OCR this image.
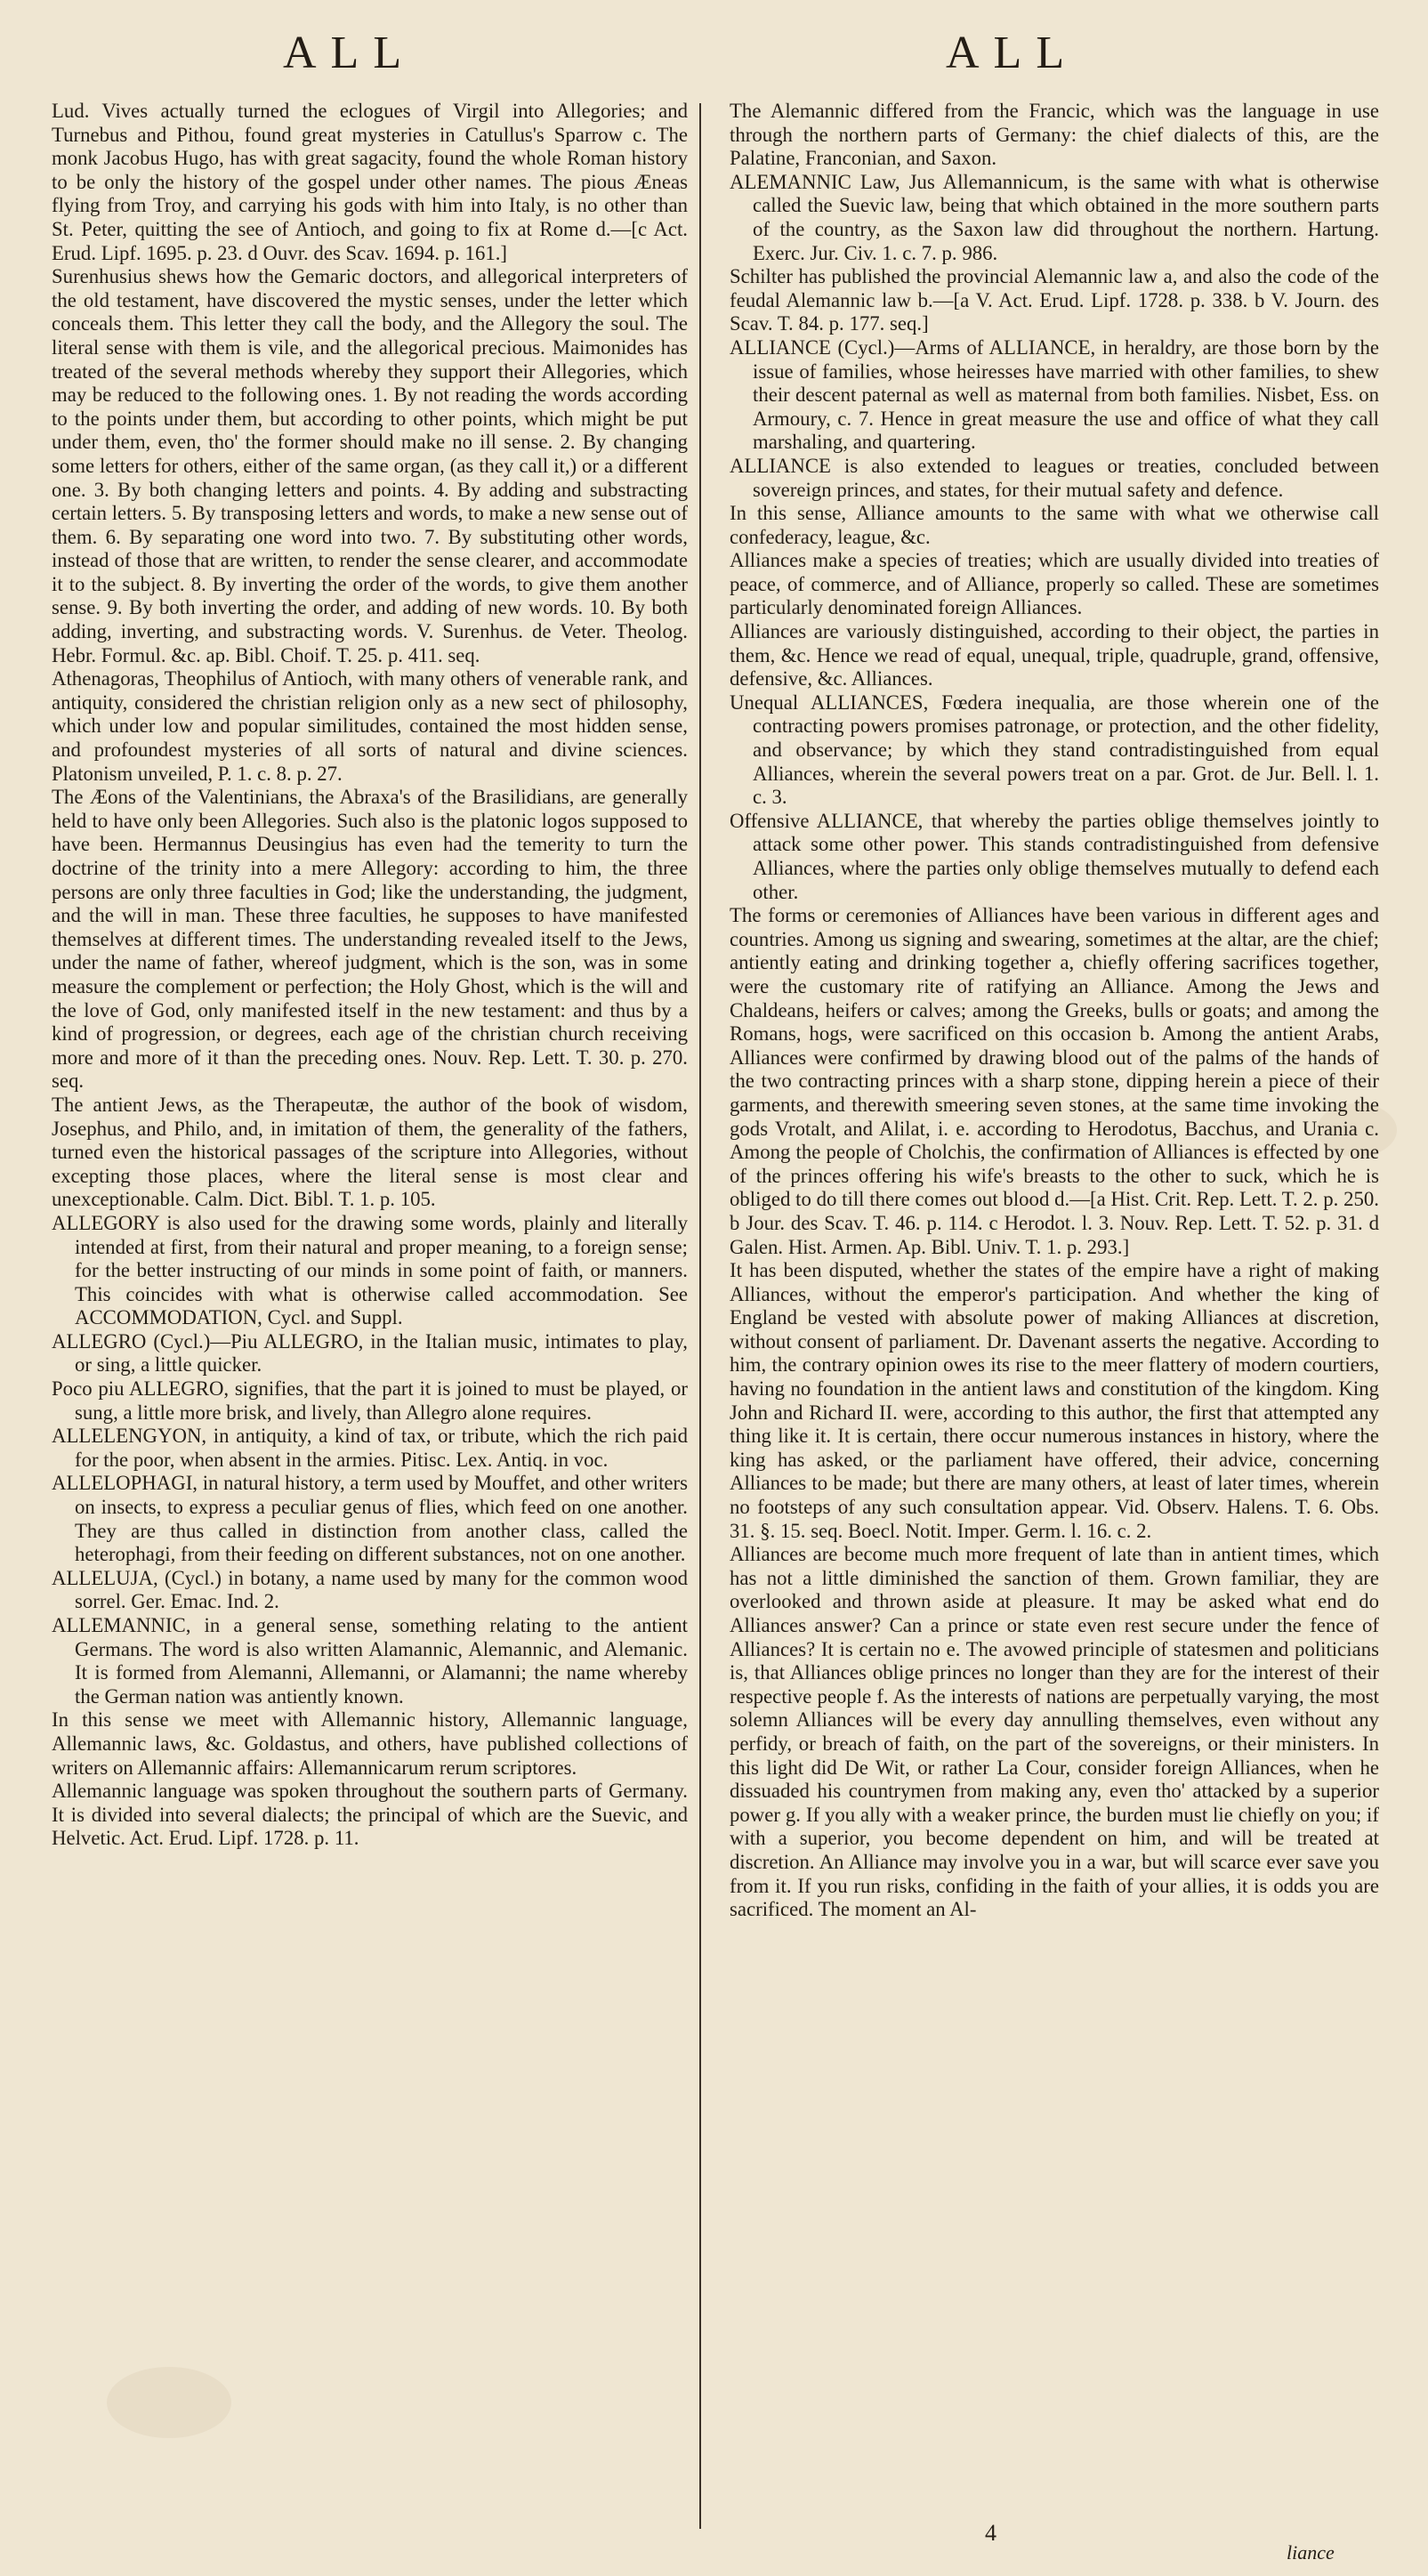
ALL	ALL

Lud. Vives actually turned the eclogues of Virgil into Allegories; and Turnebus and Pithou, found great mysteries in Catullus's Sparrow c. The monk Jacobus Hugo, has with great sagacity, found the whole Roman history to be only the history of the gospel under other names. The pious Æneas flying from Troy, and carrying his gods with him into Italy, is no other than St. Peter, quitting the see of Antioch, and going to fix at Rome d.—[c Act. Erud. Lipf. 1695. p. 23. d Ouvr. des Scav. 1694. p. 161.]

Surenhusius shews how the Gemaric doctors, and allegorical interpreters of the old testament, have discovered the mystic senses, under the letter which conceals them. This letter they call the body, and the Allegory the soul. The literal sense with them is vile, and the allegorical precious. Maimonides has treated of the several methods whereby they support their Allegories, which may be reduced to the following ones. 1. By not reading the words according to the points under them, but according to other points, which might be put under them, even, tho' the former should make no ill sense. 2. By changing some letters for others, either of the same organ, (as they call it,) or a different one. 3. By both changing letters and points. 4. By adding and substracting certain letters. 5. By transposing letters and words, to make a new sense out of them. 6. By separating one word into two. 7. By substituting other words, instead of those that are written, to render the sense clearer, and accommodate it to the subject. 8. By inverting the order of the words, to give them another sense. 9. By both inverting the order, and adding of new words. 10. By both adding, inverting, and substracting words. V. Surenhus. de Veter. Theolog. Hebr. Formul. &c. ap. Bibl. Choif. T. 25. p. 411. seq.

Athenagoras, Theophilus of Antioch, with many others of venerable rank, and antiquity, considered the christian religion only as a new sect of philosophy, which under low and popular similitudes, contained the most hidden sense, and profoundest mysteries of all sorts of natural and divine sciences. Platonism unveiled, P. 1. c. 8. p. 27.

The Æons of the Valentinians, the Abraxa's of the Brasilidians, are generally held to have only been Allegories. Such also is the platonic logos supposed to have been. Hermannus Deusingius has even had the temerity to turn the doctrine of the trinity into a mere Allegory: according to him, the three persons are only three faculties in God; like the understanding, the judgment, and the will in man. These three faculties, he supposes to have manifested themselves at different times. The understanding revealed itself to the Jews, under the name of father, whereof judgment, which is the son, was in some measure the complement or perfection; the Holy Ghost, which is the will and the love of God, only manifested itself in the new testament: and thus by a kind of progression, or degrees, each age of the christian church receiving more and more of it than the preceding ones. Nouv. Rep. Lett. T. 30. p. 270. seq.

The antient Jews, as the Therapeutæ, the author of the book of wisdom, Josephus, and Philo, and, in imitation of them, the generality of the fathers, turned even the historical passages of the scripture into Allegories, without excepting those places, where the literal sense is most clear and unexceptionable. Calm. Dict. Bibl. T. 1. p. 105.

ALLEGORY is also used for the drawing some words, plainly and literally intended at first, from their natural and proper meaning, to a foreign sense; for the better instructing of our minds in some point of faith, or manners. This coincides with what is otherwise called accommodation. See ACCOMMODATION, Cycl. and Suppl.

ALLEGRO (Cycl.)—Piu ALLEGRO, in the Italian music, intimates to play, or sing, a little quicker.

Poco piu ALLEGRO, signifies, that the part it is joined to must be played, or sung, a little more brisk, and lively, than Allegro alone requires.

ALLELENGYON, in antiquity, a kind of tax, or tribute, which the rich paid for the poor, when absent in the armies. Pitisc. Lex. Antiq. in voc.

ALLELOPHAGI, in natural history, a term used by Mouffet, and other writers on insects, to express a peculiar genus of flies, which feed on one another. They are thus called in distinction from another class, called the heterophagi, from their feeding on different substances, not on one another.

ALLELUJA, (Cycl.) in botany, a name used by many for the common wood sorrel. Ger. Emac. Ind. 2.

ALLEMANNIC, in a general sense, something relating to the antient Germans. The word is also written Alamannic, Alemannic, and Alemanic. It is formed from Alemanni, Allemanni, or Alamanni; the name whereby the German nation was antiently known.

In this sense we meet with Allemannic history, Allemannic language, Allemannic laws, &c. Goldastus, and others, have published collections of writers on Allemannic affairs: Allemannicarum rerum scriptores.

Allemannic language was spoken throughout the southern parts of Germany. It is divided into several dialects; the principal of which are the Suevic, and Helvetic. Act. Erud. Lipf. 1728. p. 11.

The Alemannic differed from the Francic, which was the language in use through the northern parts of Germany: the chief dialects of this, are the Palatine, Franconian, and Saxon.

ALEMANNIC Law, Jus Allemannicum, is the same with what is otherwise called the Suevic law, being that which obtained in the more southern parts of the country, as the Saxon law did throughout the northern. Hartung. Exerc. Jur. Civ. 1. c. 7. p. 986.

Schilter has published the provincial Alemannic law a, and also the code of the feudal Alemannic law b.—[a V. Act. Erud. Lipf. 1728. p. 338. b V. Journ. des Scav. T. 84. p. 177. seq.]

ALLIANCE (Cycl.)—Arms of ALLIANCE, in heraldry, are those born by the issue of families, whose heiresses have married with other families, to shew their descent paternal as well as maternal from both families. Nisbet, Ess. on Armoury, c. 7. Hence in great measure the use and office of what they call marshaling, and quartering.

ALLIANCE is also extended to leagues or treaties, concluded between sovereign princes, and states, for their mutual safety and defence.

In this sense, Alliance amounts to the same with what we otherwise call confederacy, league, &c.

Alliances make a species of treaties; which are usually divided into treaties of peace, of commerce, and of Alliance, properly so called. These are sometimes particularly denominated foreign Alliances.

Alliances are variously distinguished, according to their object, the parties in them, &c. Hence we read of equal, unequal, triple, quadruple, grand, offensive, defensive, &c. Alliances.

Unequal ALLIANCES, Fœdera inequalia, are those wherein one of the contracting powers promises patronage, or protection, and the other fidelity, and observance; by which they stand contradistinguished from equal Alliances, wherein the several powers treat on a par. Grot. de Jur. Bell. l. 1. c. 3.

Offensive ALLIANCE, that whereby the parties oblige themselves jointly to attack some other power. This stands contradistinguished from defensive Alliances, where the parties only oblige themselves mutually to defend each other.

The forms or ceremonies of Alliances have been various in different ages and countries. Among us signing and swearing, sometimes at the altar, are the chief; antiently eating and drinking together a, chiefly offering sacrifices together, were the customary rite of ratifying an Alliance. Among the Jews and Chaldeans, heifers or calves; among the Greeks, bulls or goats; and among the Romans, hogs, were sacrificed on this occasion b. Among the antient Arabs, Alliances were confirmed by drawing blood out of the palms of the hands of the two contracting princes with a sharp stone, dipping herein a piece of their garments, and therewith smeering seven stones, at the same time invoking the gods Vrotalt, and Alilat, i. e. according to Herodotus, Bacchus, and Urania c. Among the people of Cholchis, the confirmation of Alliances is effected by one of the princes offering his wife's breasts to the other to suck, which he is obliged to do till there comes out blood d.—[a Hist. Crit. Rep. Lett. T. 2. p. 250. b Jour. des Scav. T. 46. p. 114. c Herodot. l. 3. Nouv. Rep. Lett. T. 52. p. 31. d Galen. Hist. Armen. Ap. Bibl. Univ. T. 1. p. 293.]

It has been disputed, whether the states of the empire have a right of making Alliances, without the emperor's participation. And whether the king of England be vested with absolute power of making Alliances at discretion, without consent of parliament. Dr. Davenant asserts the negative. According to him, the contrary opinion owes its rise to the meer flattery of modern courtiers, having no foundation in the antient laws and constitution of the kingdom. King John and Richard II. were, according to this author, the first that attempted any thing like it. It is certain, there occur numerous instances in history, where the king has asked, or the parliament have offered, their advice, concerning Alliances to be made; but there are many others, at least of later times, wherein no footsteps of any such consultation appear. Vid. Observ. Halens. T. 6. Obs. 31. §. 15. seq. Boecl. Notit. Imper. Germ. l. 16. c. 2.

Alliances are become much more frequent of late than in antient times, which has not a little diminished the sanction of them. Grown familiar, they are overlooked and thrown aside at pleasure. It may be asked what end do Alliances answer? Can a prince or state even rest secure under the fence of Alliances? It is certain no e. The avowed principle of statesmen and politicians is, that Alliances oblige princes no longer than they are for the interest of their respective people f. As the interests of nations are perpetually varying, the most solemn Alliances will be every day annulling themselves, even without any perfidy, or breach of faith, on the part of the sovereigns, or their ministers. In this light did De Wit, or rather La Cour, consider foreign Alliances, when he dissuaded his countrymen from making any, even tho' attacked by a superior power g. If you ally with a weaker prince, the burden must lie chiefly on you; if with a superior, you become dependent on him, and will be treated at discretion. An Alliance may involve you in a war, but will scarce ever save you from it. If you run risks, confiding in the faith of your allies, it is odds you are sacrificed. The moment an Al-

4
liance
